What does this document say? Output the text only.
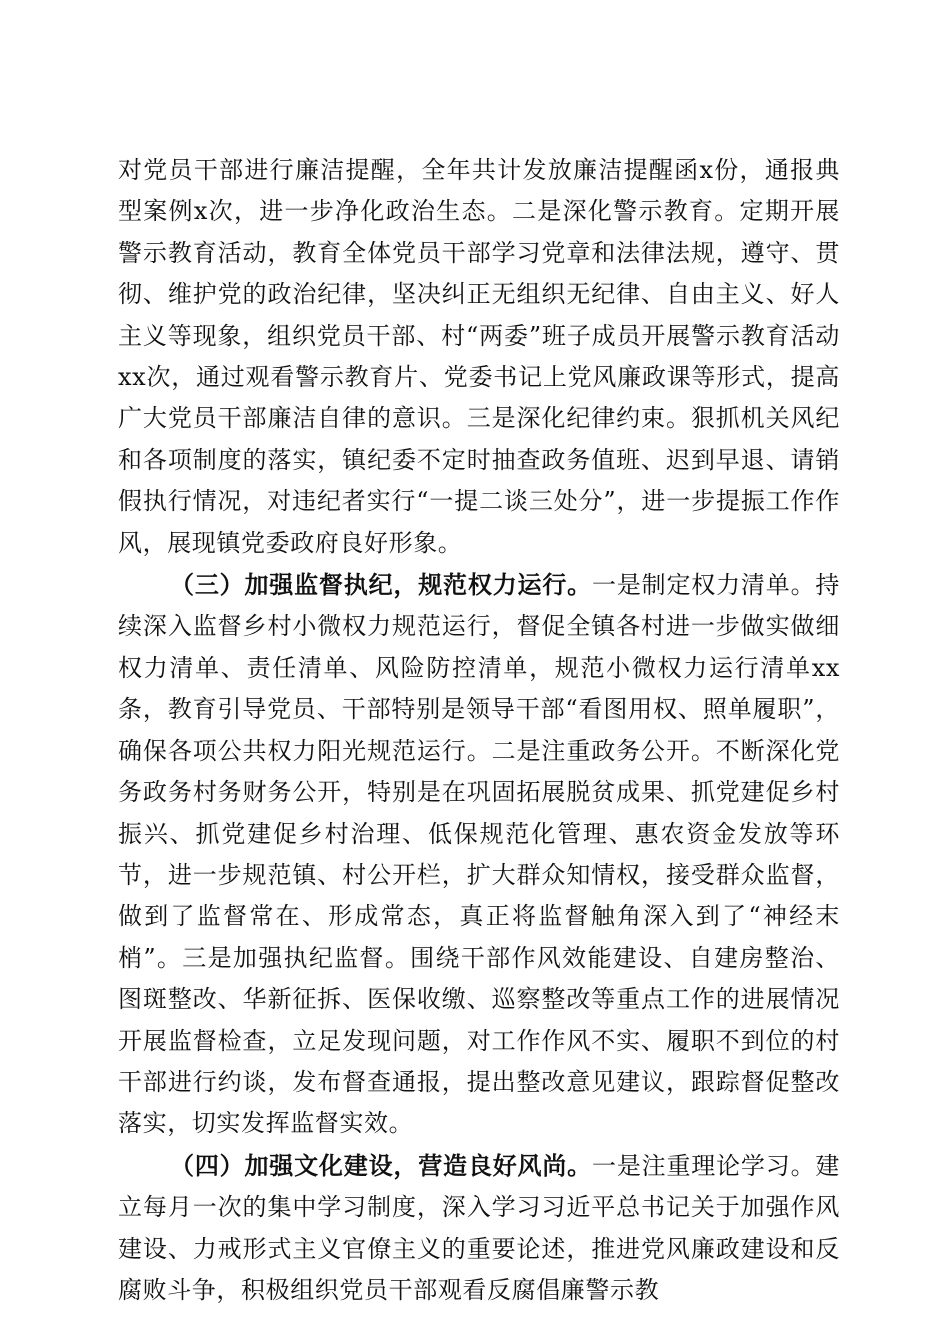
对党员干部进行廉洁提醒，全年共计发放廉洁提醒函x份，通报典型案例x次，进一步净化政治生态。二是深化警示教育。定期开展警示教育活动，教育全体党员干部学习党章和法律法规，遵守、贯彻、维护党的政治纪律，坚决纠正无组织无纪律、自由主义、好人主义等现象，组织党员干部、村“两委”班子成员开展警示教育活动xx次，通过观看警示教育片、党委书记上党风廉政课等形式，提高广大党员干部廉洁自律的意识。三是深化纪律约束。狠抓机关风纪和各项制度的落实，镇纪委不定时抽查政务值班、迟到早退、请销假执行情况，对违纪者实行“一提二谈三处分”，进一步提振工作作风，展现镇党委政府良好形象。

（三）加强监督执纪，规范权力运行。一是制定权力清单。持续深入监督乡村小微权力规范运行，督促全镇各村进一步做实做细权力清单、责任清单、风险防控清单，规范小微权力运行清单xx条，教育引导党员、干部特别是领导干部“看图用权、照单履职”，确保各项公共权力阳光规范运行。二是注重政务公开。不断深化党务政务村务财务公开，特别是在巩固拓展脱贫成果、抓党建促乡村振兴、抓党建促乡村治理、低保规范化管理、惠农资金发放等环节，进一步规范镇、村公开栏，扩大群众知情权，接受群众监督，做到了监督常在、形成常态，真正将监督触角深入到了“神经末梢”。三是加强执纪监督。围绕干部作风效能建设、自建房整治、图斑整改、华新征拆、医保收缴、巡察整改等重点工作的进展情况开展监督检查，立足发现问题，对工作作风不实、履职不到位的村干部进行约谈，发布督查通报，提出整改意见建议，跟踪督促整改落实，切实发挥监督实效。

（四）加强文化建设，营造良好风尚。一是注重理论学习。建立每月一次的集中学习制度，深入学习习近平总书记关于加强作风建设、力戒形式主义官僚主义的重要论述，推进党风廉政建设和反腐败斗争，积极组织党员干部观看反腐倡廉警示教
